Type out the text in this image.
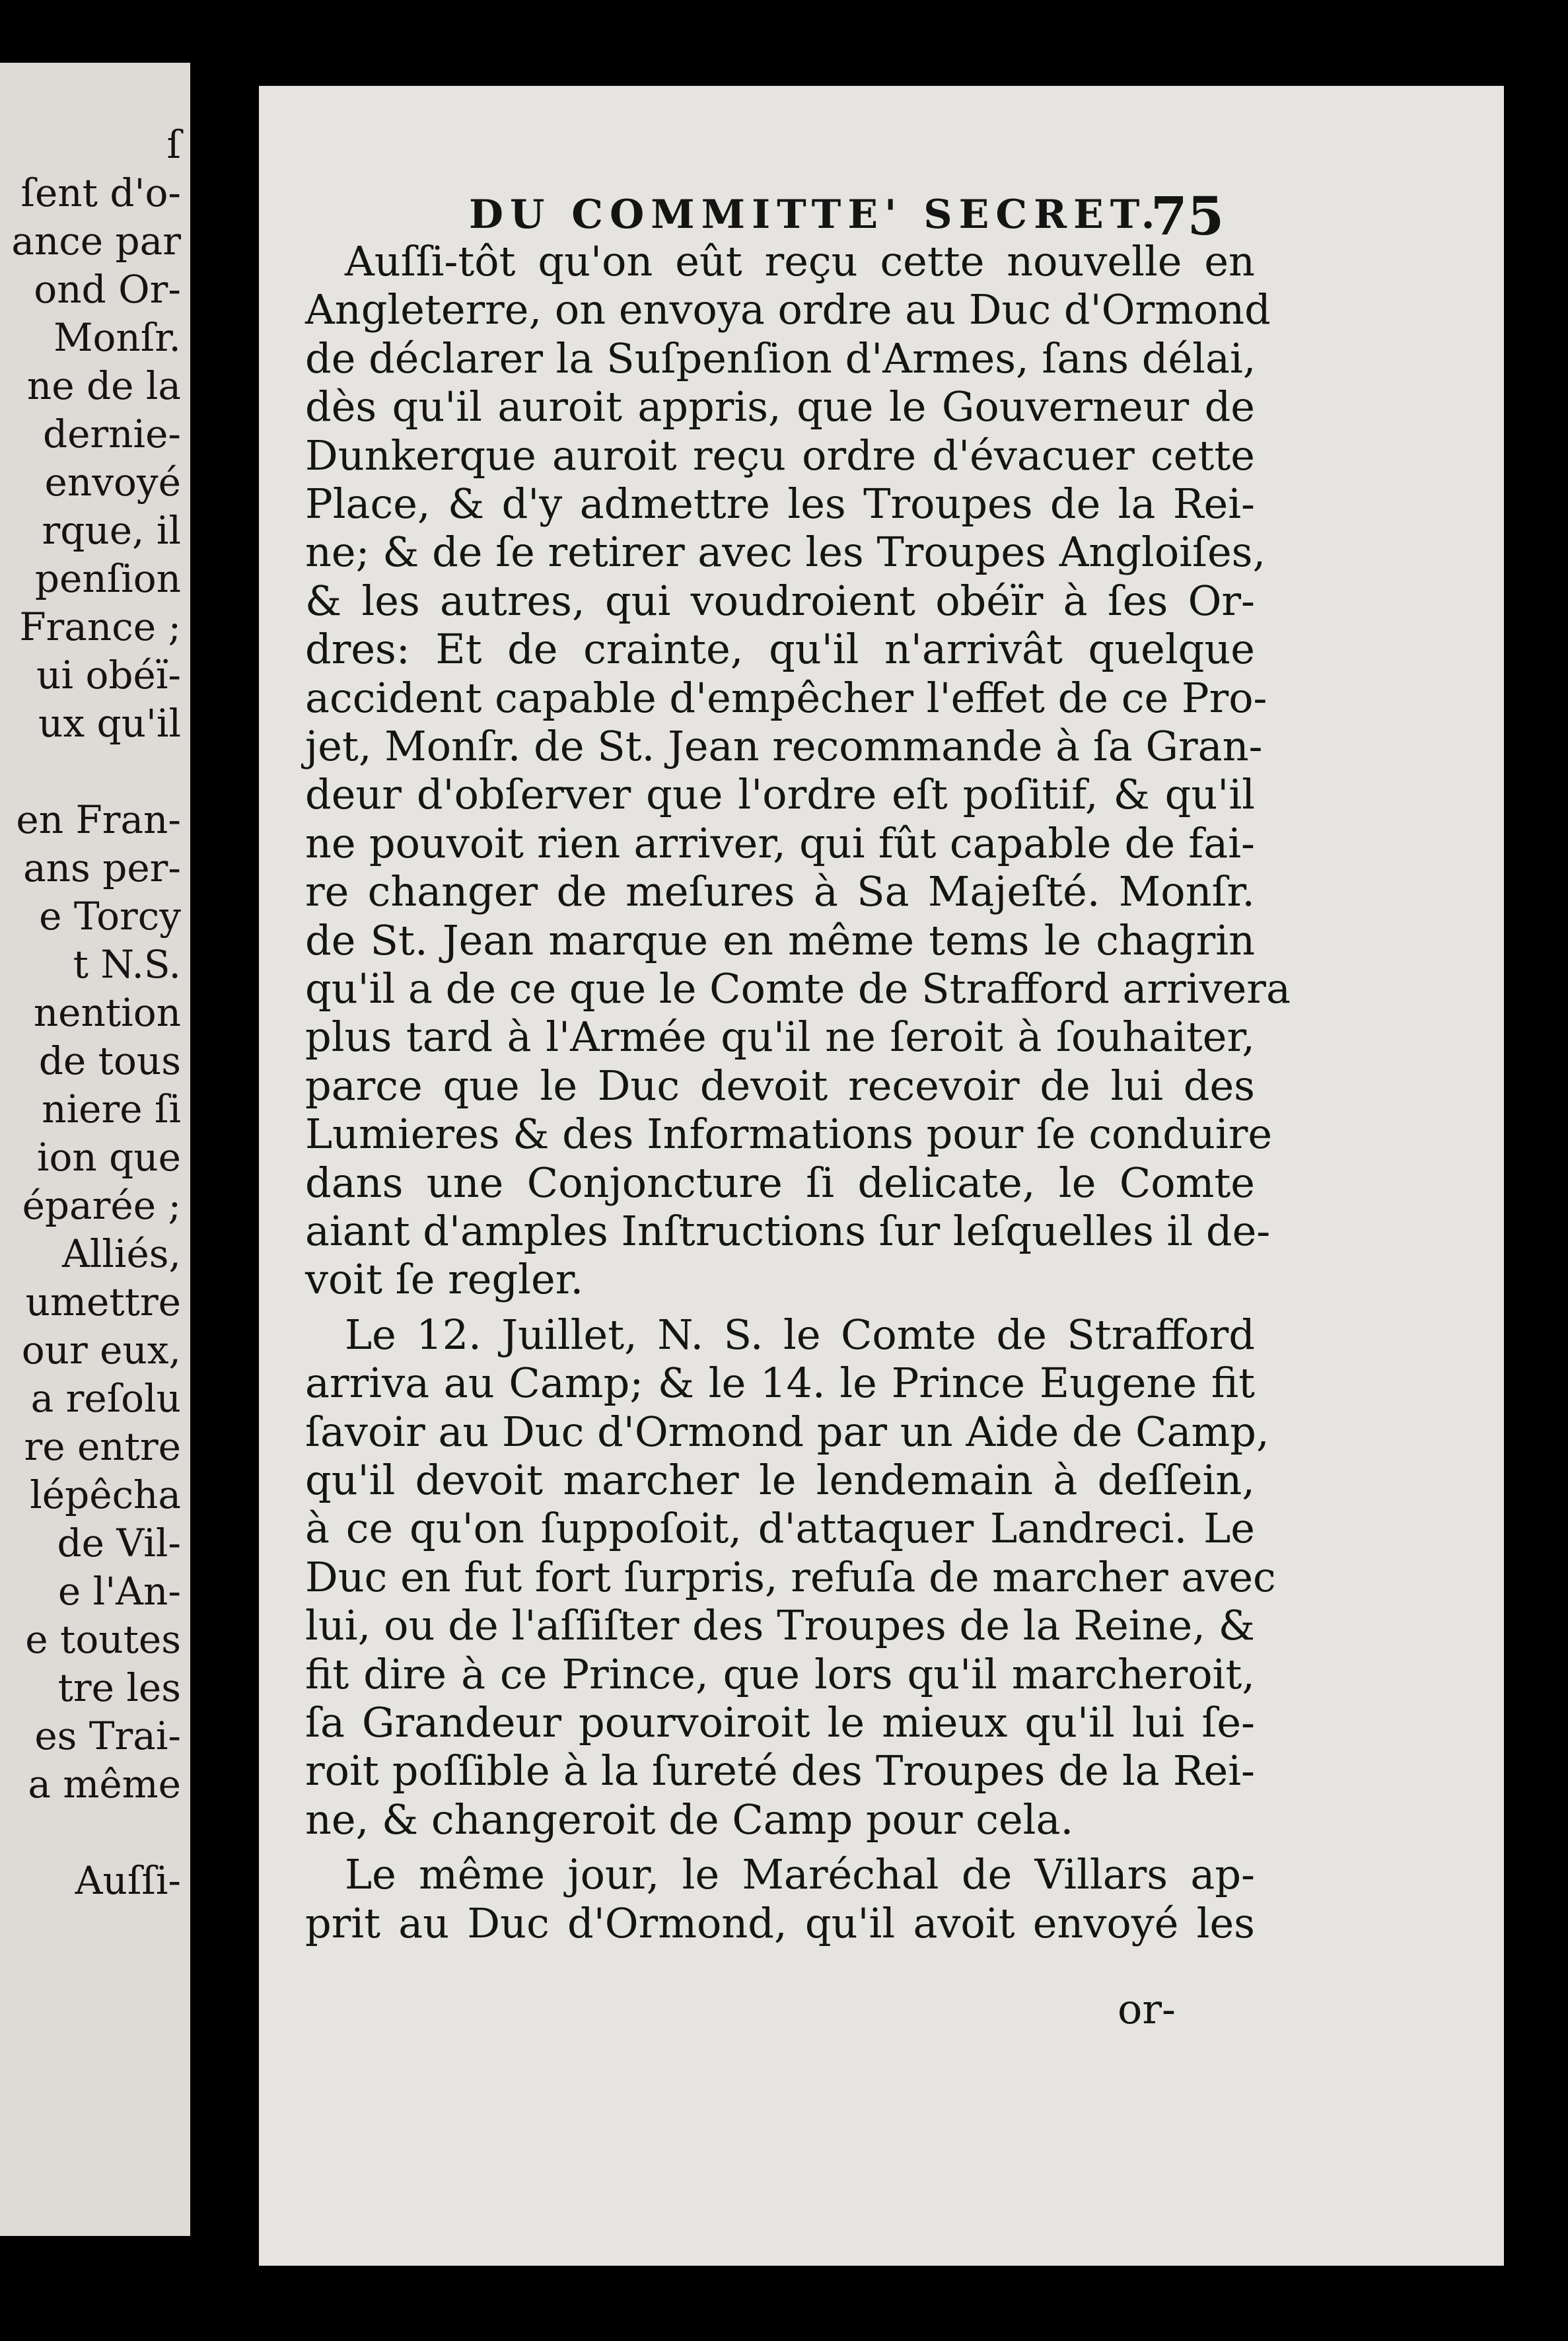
ſ
ſent d'o-
ance par
ond Or-
Monſr.
ne de la
dernie-
envoyé
rque, il
penſion
France ;
ui obéï-
ux qu'il
en Fran-
ans per-
e Torcy
t N.S.
nention
de tous
niere ſi
ion que
éparée ;
Alliés,
umettre
our eux,
a reſolu
re entre
lépêcha
de Vil-
e l'An-
e toutes
tre les
es Trai-
a même
Auſſi-
DU COMMITTE' SECRET.
75
Auſſi-tôt qu'on eût reçu cette nouvelle en
Angleterre, on envoya ordre au Duc d'Ormond
de déclarer la Suſpenſion d'Armes, ſans délai,
dès qu'il auroit appris, que le Gouverneur de
Dunkerque auroit reçu ordre d'évacuer cette
Place, & d'y admettre les Troupes de la Rei-
ne; & de ſe retirer avec les Troupes Angloiſes,
& les autres, qui voudroient obéïr à ſes Or-
dres: Et de crainte, qu'il n'arrivât quelque
accident capable d'empêcher l'effet de ce Pro-
jet, Monſr. de St. Jean recommande à ſa Gran-
deur d'obſerver que l'ordre eſt poſitif, & qu'il
ne pouvoit rien arriver, qui fût capable de fai-
re changer de meſures à Sa Majeſté. Monſr.
de St. Jean marque en même tems le chagrin
qu'il a de ce que le Comte de Strafford arrivera
plus tard à l'Armée qu'il ne ſeroit à ſouhaiter,
parce que le Duc devoit recevoir de lui des
Lumieres & des Informations pour ſe conduire
dans une Conjoncture ſi delicate, le Comte
aiant d'amples Inſtructions ſur leſquelles il de-
voit ſe regler.
Le 12. Juillet, N. S. le Comte de Strafford
arriva au Camp; & le 14. le Prince Eugene fit
ſavoir au Duc d'Ormond par un Aide de Camp,
qu'il devoit marcher le lendemain à deſſein,
à ce qu'on ſuppoſoit, d'attaquer Landreci. Le
Duc en fut fort ſurpris, refuſa de marcher avec
lui, ou de l'aſſiſter des Troupes de la Reine, &
fit dire à ce Prince, que lors qu'il marcheroit,
ſa Grandeur pourvoiroit le mieux qu'il lui ſe-
roit poſſible à la ſureté des Troupes de la Rei-
ne, & changeroit de Camp pour cela.
Le même jour, le Maréchal de Villars ap-
prit au Duc d'Ormond, qu'il avoit envoyé les
or-
